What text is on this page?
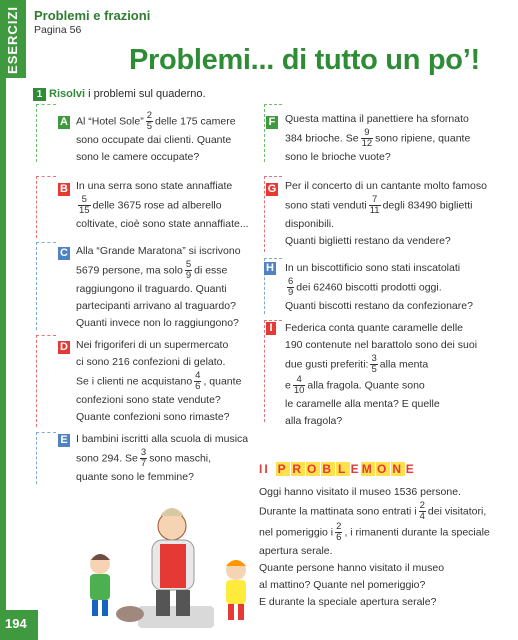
ESERCIZI
194
Problemi e frazioni
Pagina 56
Problemi... di tutto un po’!
1 Risolvi i problemi sul quaderno.
A Al “Hotel Sole” $\frac{2}{5}$ delle 175 camere
sono occupate dai clienti. Quante
sono le camere occupate?
B In una serra sono state annaffiate
$\frac{5}{15}$ delle 3675 rose ad alberello
coltivate, cioè sono state annaffiate...
C Alla “Grande Maratona” si iscrivono
5679 persone, ma solo $\frac{5}{9}$ di esse
raggiungono il traguardo. Quanti
partecipanti arrivano al traguardo?
Quanti invece non lo raggiungono?
D Nei frigoriferi di un supermercato
ci sono 216 confezioni di gelato.
Se i clienti ne acquistano $\frac{4}{6}$ , quante
confezioni sono state vendute?
Quante confezioni sono rimaste?
E I bambini iscritti alla scuola di musica
sono 294. Se $\frac{3}{7}$ sono maschi,
quante sono le femmine?
F Questa mattina il panettiere ha sfornato
384 brioche. Se $\frac{9}{12}$ sono ripiene, quante
sono le brioche vuote?
G Per il concerto di un cantante molto famoso
sono stati venduti $\frac{7}{11}$ degli 83490 biglietti
disponibili.
Quanti biglietti restano da vendere?
H In un biscottificio sono stati inscatolati
$\frac{6}{9}$ dei 62460 biscotti prodotti oggi.
Quanti biscotti restano da confezionare?
I	Federica conta quante caramelle delle
190 contenute nel barattolo sono dei suoi
due gusti preferiti: $\frac{3}{5}$ alla menta
e $\frac{4}{10}$ alla fragola. Quante sono
le caramelle alla menta? E quelle
alla fragola?
II P R O B L EM O N E
Oggi hanno visitato il museo 1536 persone.
Durante la mattinata sono entrati i $\frac{2}{4}$ dei visitatori,
nel pomeriggio i $\frac{2}{6}$ , i rimanenti durante la speciale
apertura serale.
Quante persone hanno visitato il museo
al mattino? Quante nel pomeriggio?
E durante la speciale apertura serale?
